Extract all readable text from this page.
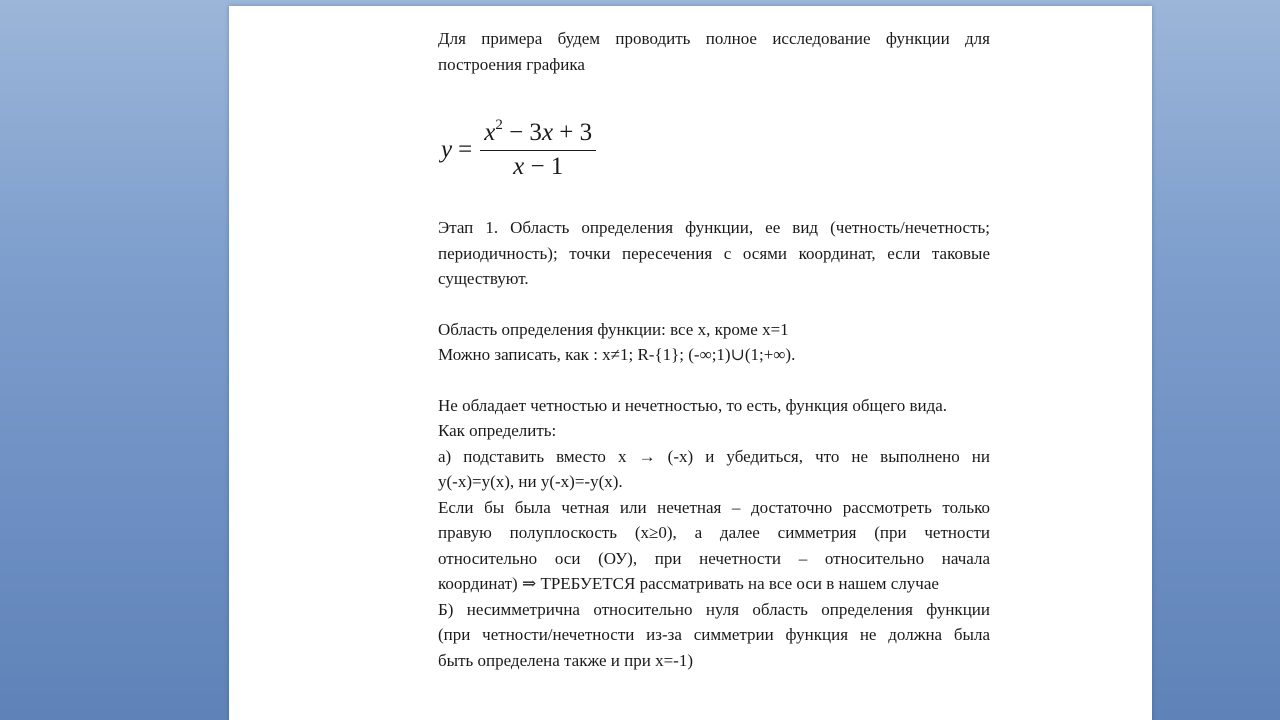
Для примера будем проводить полное исследование функции для

построения графика

$y = \frac{x^2 - 3x + 3}{x - 1}$

Этап 1. Область определения функции, ее вид (четность/нечетность;

периодичность); точки пересечения с осями координат, если таковые

существуют.

Область определения функции: все х, кроме х=1

Можно записать, как : х≠1; R-{1}; (-∞;1)∪(1;+∞).

Не обладает четностью и нечетностью, то есть, функция общего вида.

Как определить:

а) подставить вместо х → (-х) и убедиться, что не выполнено ни

у(-х)=у(х), ни у(-х)=-у(х).

Если бы была четная или нечетная – достаточно рассмотреть только

правую полуплоскость (х≥0), а далее симметрия (при четности

относительно оси (ОУ), при нечетности – относительно начала

координат) ⇒ ТРЕБУЕТСЯ рассматривать на все оси в нашем случае

Б) несимметрична относительно нуля область определения функции

(при четности/нечетности из-за симметрии функция не должна была

быть определена также и при х=-1)
